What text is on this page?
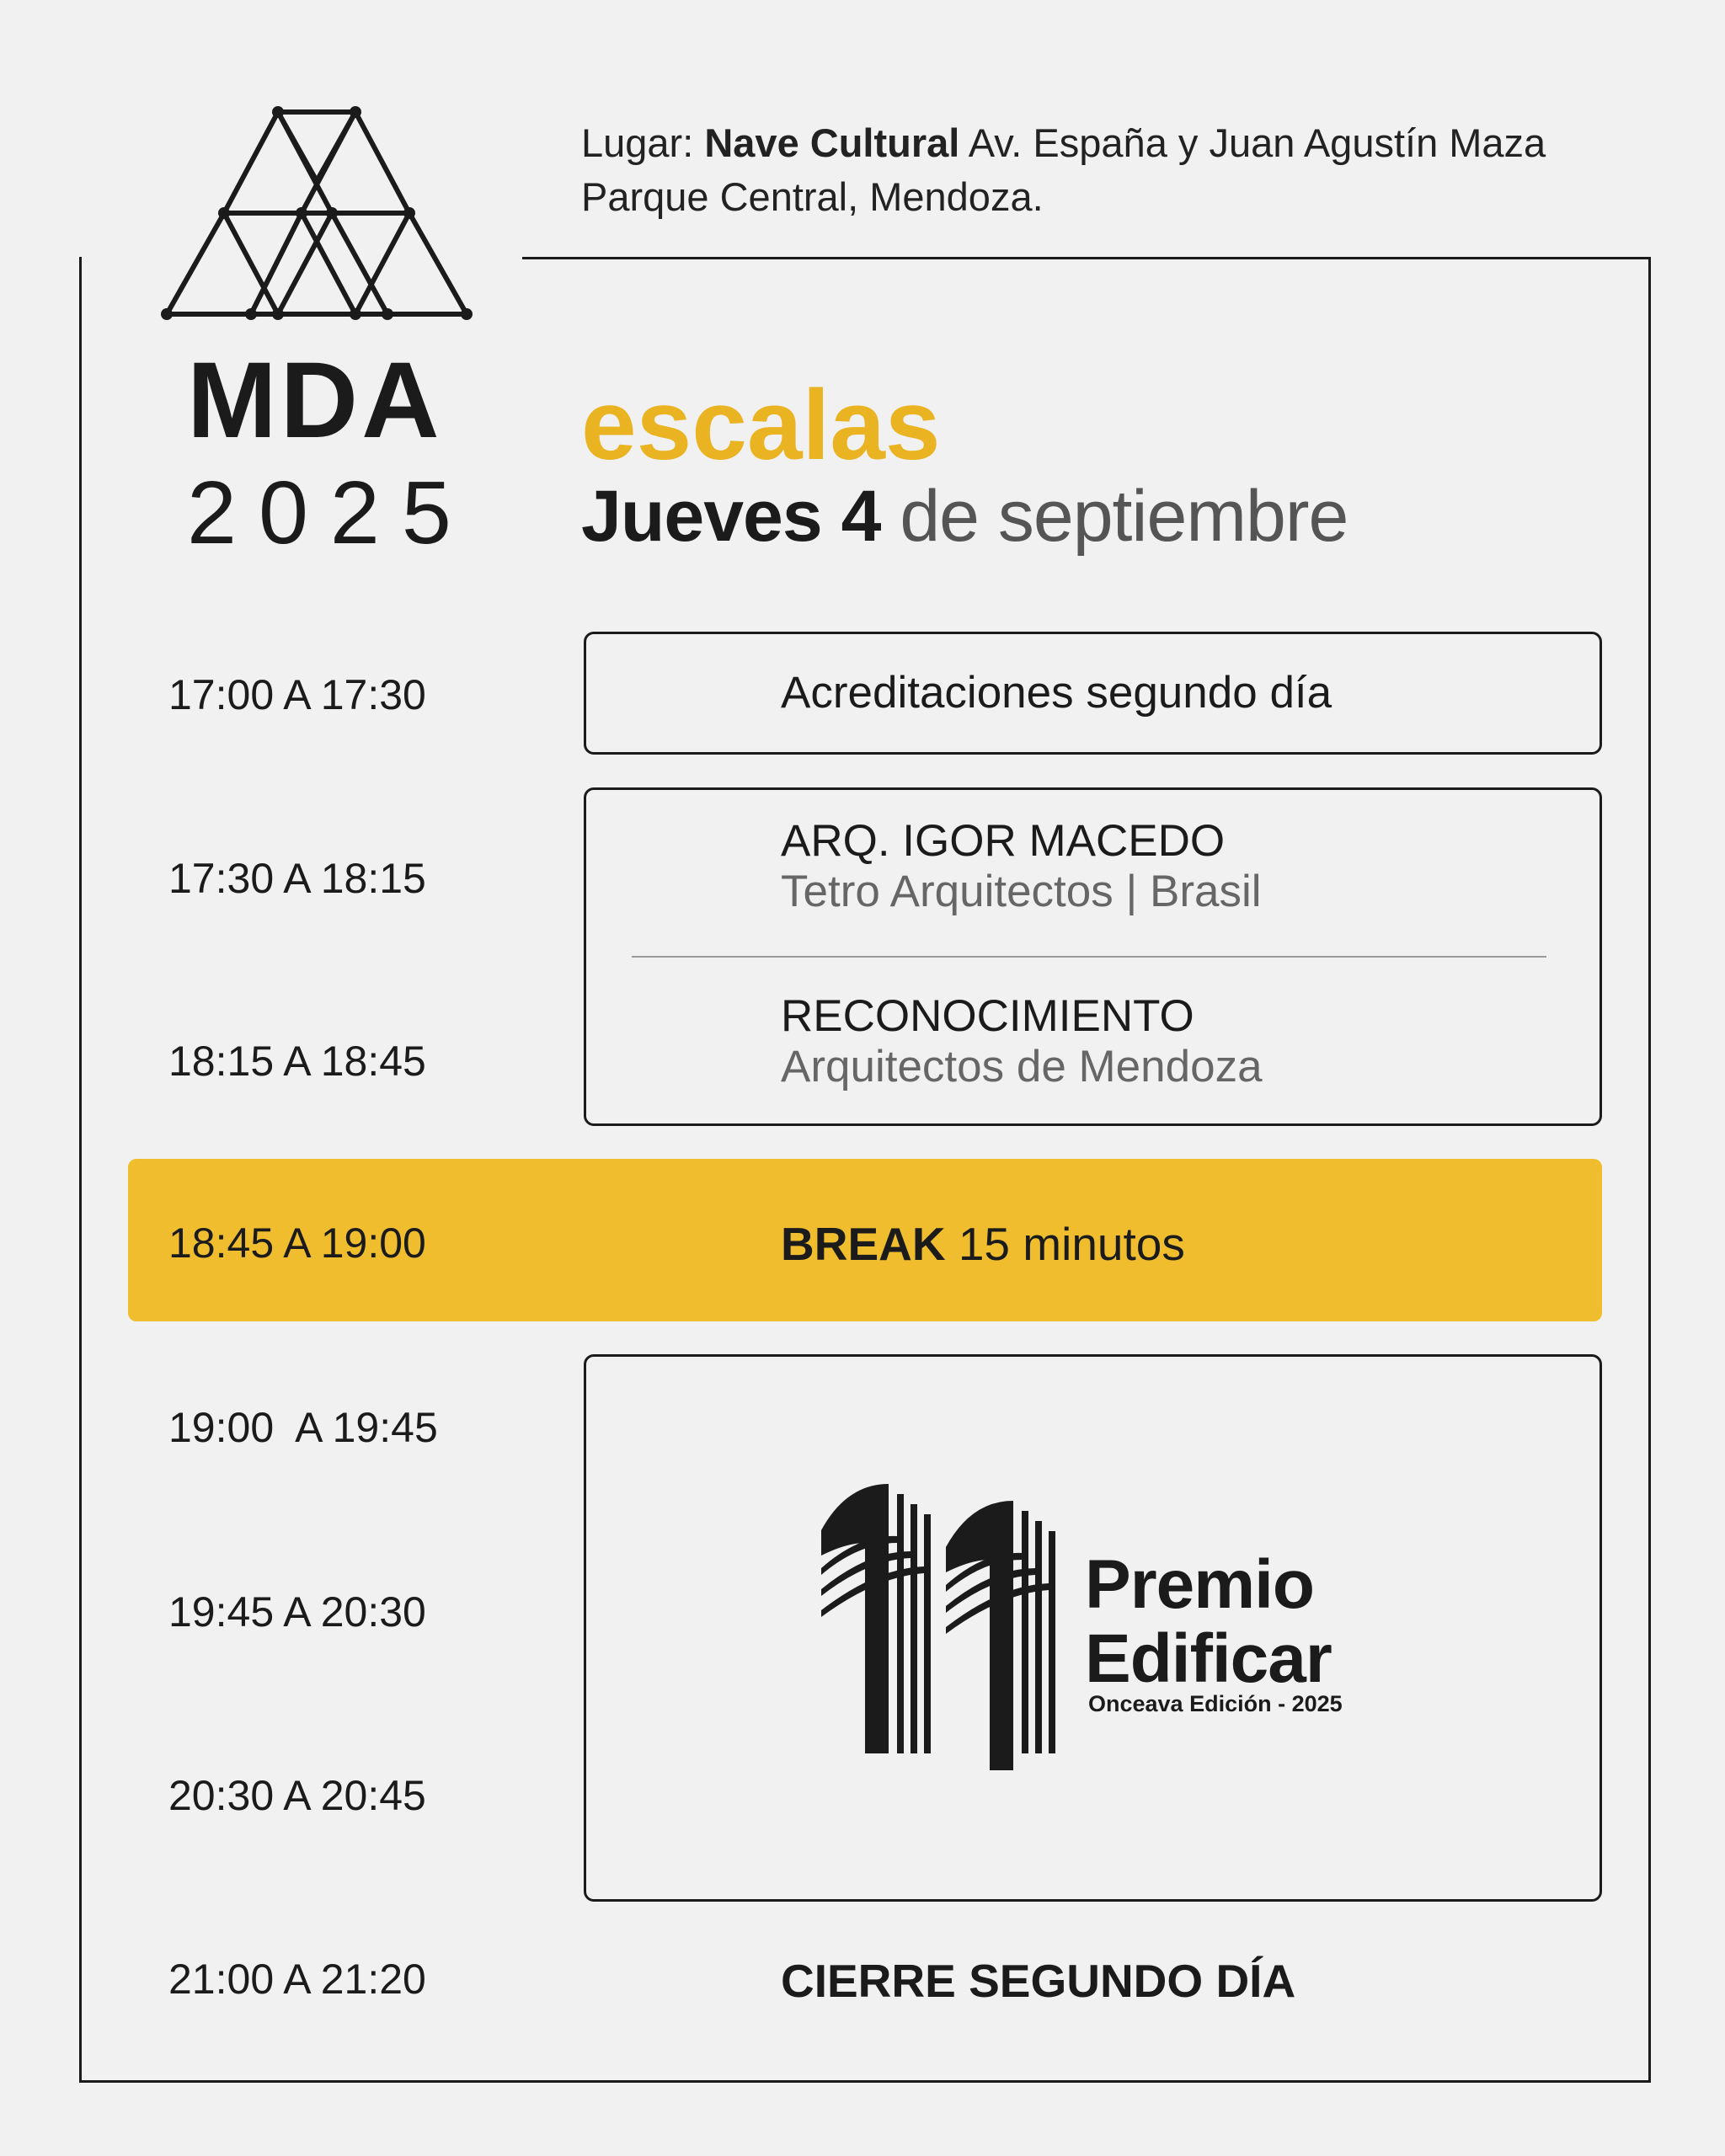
MDA
2025
Lugar: Nave Cultural Av. España y Juan Agustín Maza
Parque Central, Mendoza.
escalas
Jueves 4 de septiembre
17:00 A 17:30
17:30 A 18:15
18:15 A 18:45
19:00  A 19:45
19:45 A 20:30
20:30 A 20:45
21:00 A 21:20
Acreditaciones segundo día
ARQ. IGOR MACEDO
Tetro Arquitectos | Brasil
RECONOCIMIENTO
Arquitectos de Mendoza
18:45 A 19:00	BREAK 15 minutos
Premio
Edificar
Onceava Edición - 2025
CIERRE SEGUNDO DÍA
